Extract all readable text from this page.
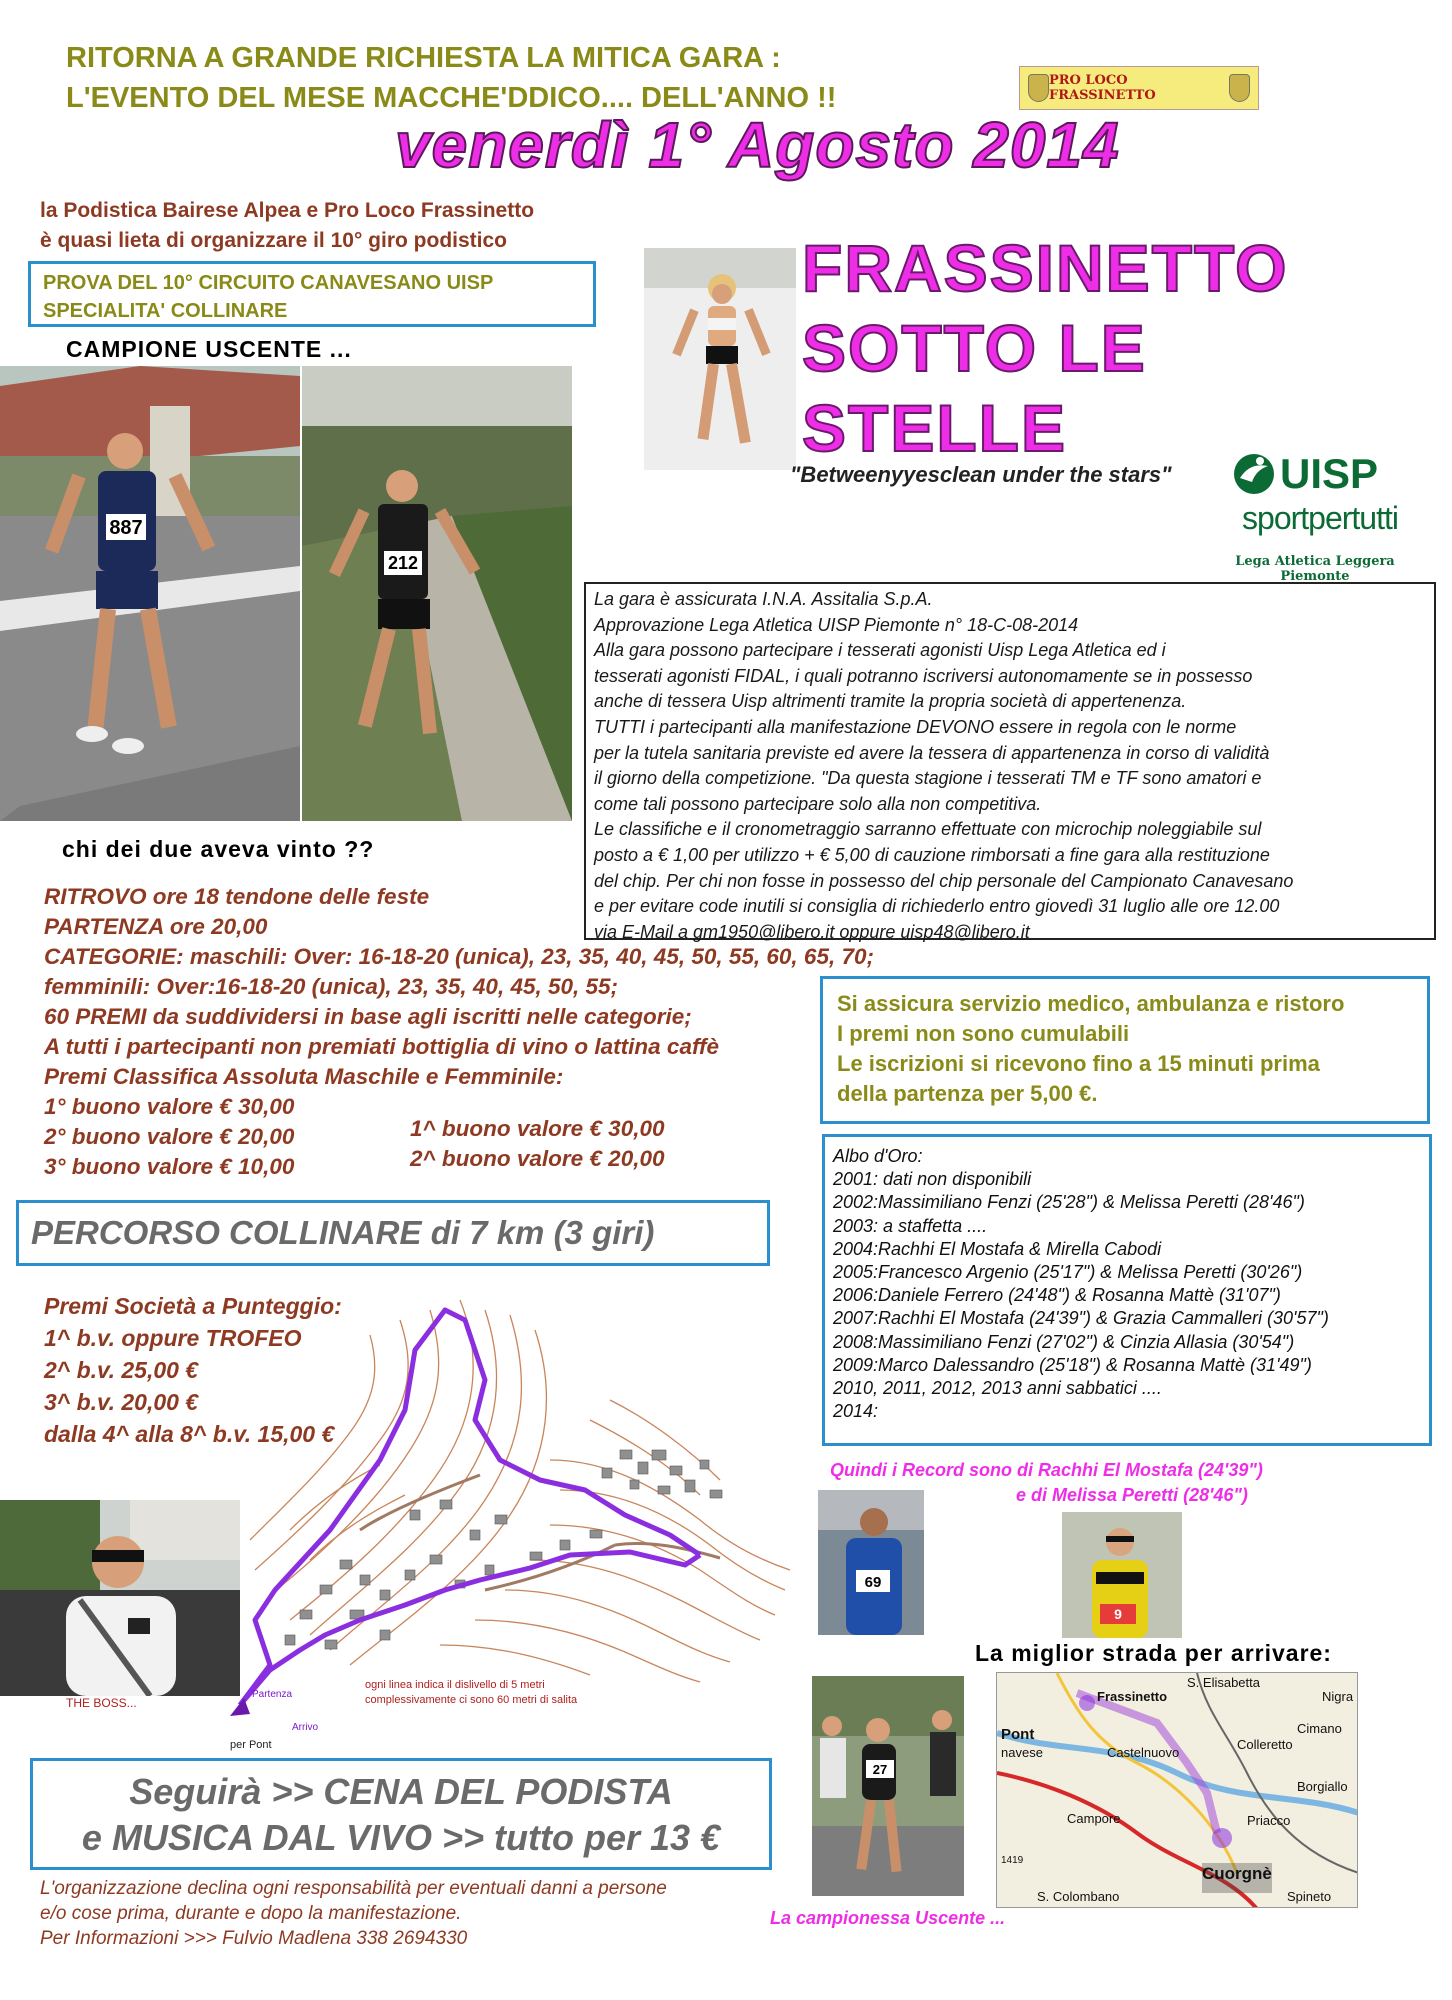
RITORNA A GRANDE RICHIESTA LA MITICA GARA :
L'EVENTO DEL MESE MACCHE'DDICO.... DELL'ANNO !!
PRO LOCO FRASSINETTO
venerdì 1° Agosto 2014
la Podistica Bairese Alpea e Pro Loco Frassinetto
è quasi lieta di organizzare il 10° giro podistico
PROVA DEL 10° CIRCUITO CANAVESANO UISP
SPECIALITA' COLLINARE
CAMPIONE USCENTE ...
887
212
FRASSINETTO
SOTTO LE
STELLE
"Betweenyyesclean under the stars"	UISP
sportpertutti
Lega Atletica Leggera Piemonte
La gara è assicurata I.N.A. Assitalia S.p.A.
Approvazione Lega Atletica UISP Piemonte n° 18-C-08-2014
Alla gara possono partecipare i tesserati agonisti Uisp Lega Atletica ed i
tesserati agonisti FIDAL, i quali potranno iscriversi autonomamente se in possesso
anche di tessera Uisp altrimenti tramite la propria società di appertenenza.
TUTTI i partecipanti alla manifestazione DEVONO essere in regola con le norme
per la tutela sanitaria previste ed avere la tessera di appartenenza in corso di validità
il giorno della competizione. "Da questa stagione i tesserati TM e TF sono amatori e
come tali possono partecipare solo alla non competitiva.
Le classifiche e il cronometraggio sarranno effettuate con microchip noleggiabile sul
posto a € 1,00 per utilizzo + € 5,00 di cauzione rimborsati a fine gara alla restituzione
del chip. Per chi non fosse in possesso del chip personale del Campionato Canavesano
e per evitare code inutili si consiglia di richiederlo entro giovedì 31 luglio alle ore 12.00
via E-Mail a gm1950@libero.it oppure uisp48@libero.it
chi dei due aveva vinto ??
RITROVO ore 18 tendone delle feste
PARTENZA ore 20,00
CATEGORIE: maschili: Over: 16-18-20 (unica), 23, 35, 40, 45, 50, 55, 60, 65, 70;
femminili: Over:16-18-20 (unica), 23, 35, 40, 45, 50, 55;
60 PREMI da suddividersi in base agli iscritti nelle categorie;
A tutti i partecipanti non premiati bottiglia di vino o lattina caffè
Premi Classifica Assoluta Maschile e Femminile:
1° buono valore € 30,00
2° buono valore € 20,00
3° buono valore € 10,00
1^ buono valore € 30,00
2^ buono valore € 20,00
Si assicura servizio medico, ambulanza e ristoro
I premi non sono cumulabili
Le iscrizioni si ricevono fino a 15 minuti prima
della partenza per 5,00 €.
Albo d'Oro:
2001: dati non disponibili
2002:Massimiliano Fenzi (25'28") & Melissa Peretti (28'46")
2003: a staffetta ....
2004:Rachhi El Mostafa & Mirella Cabodi
2005:Francesco Argenio (25'17") & Melissa Peretti (30'26")
2006:Daniele Ferrero (24'48") & Rosanna Mattè (31'07")
2007:Rachhi El Mostafa (24'39") & Grazia Cammalleri (30'57")
2008:Massimiliano Fenzi (27'02") & Cinzia Allasia (30'54")
2009:Marco Dalessandro (25'18") & Rosanna Mattè (31'49")
2010, 2011, 2012, 2013 anni sabbatici ....
2014:
PERCORSO COLLINARE di 7 km (3 giri)
Premi Società a Punteggio:
1^ b.v. oppure TROFEO
2^ b.v. 25,00 €
3^ b.v. 20,00 €
dalla 4^ alla 8^ b.v. 15,00 €
ogni linea indica il dislivello di 5 metri
complessivamente ci sono 60 metri di salita
Partenza
Arrivo
per Pont
Quindi i Record sono di Rachhi El Mostafa (24'39")
e di Melissa Peretti (28'46")
69
9
La miglior strada per arrivare:
S. Elisabetta
Frassinetto	Nigra
Pont
navese
Cimano
Colleretto
Castelnuovo
Borgiallo
Priacco
Campore
Cuorgnè
S. Colombano	Spineto
1419
THE BOSS...
27
Seguirà >> CENA DEL PODISTA
e MUSICA DAL VIVO >> tutto per 13 €
L'organizzazione declina ogni responsabilità per eventuali danni a persone
e/o cose prima, durante e dopo la manifestazione.
Per Informazioni >>> Fulvio Madlena 338 2694330
La campionessa Uscente ...
